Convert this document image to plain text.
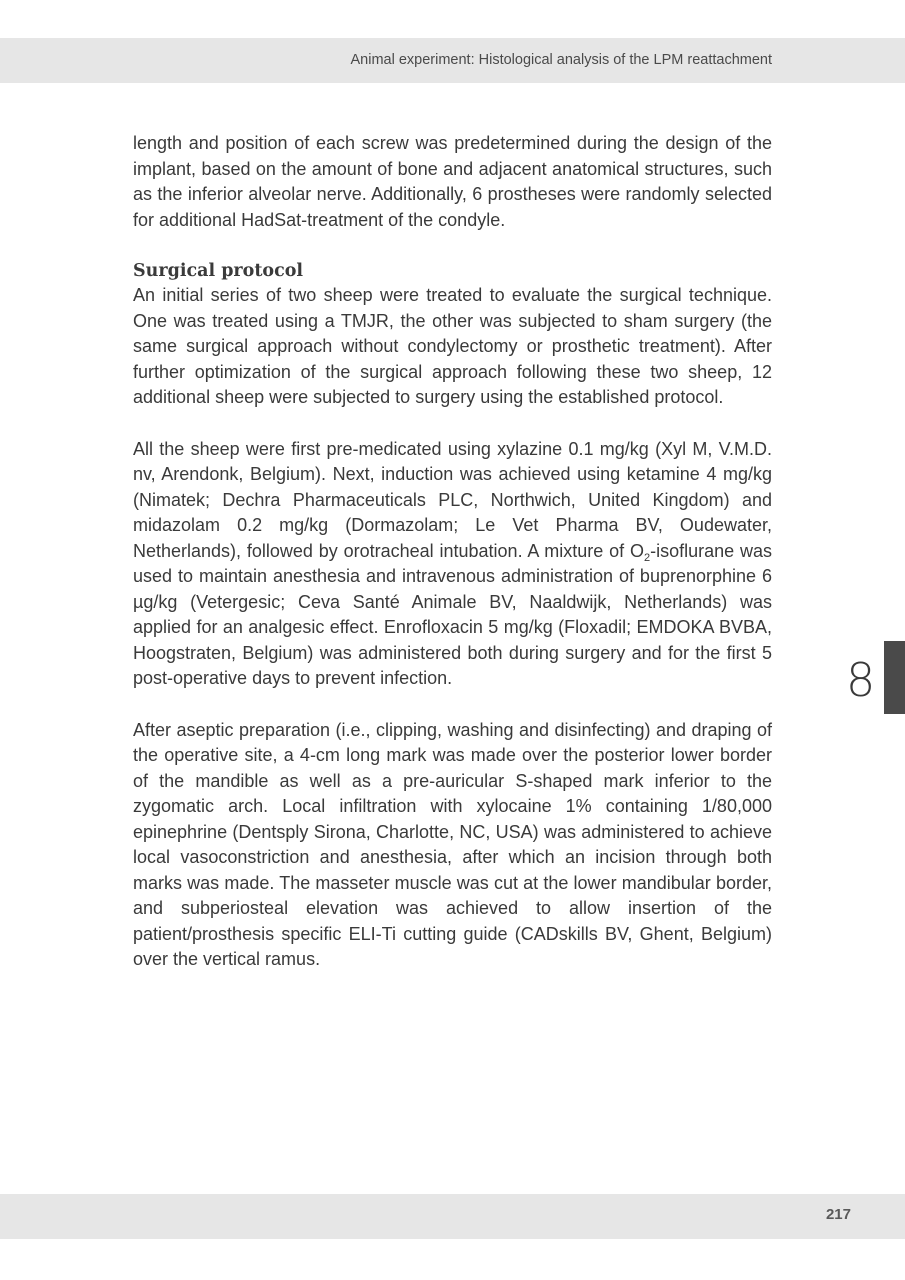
Animal experiment: Histological analysis of the LPM reattachment

length and position of each screw was predetermined during the design of the implant, based on the amount of bone and adjacent anatomical structures, such as the inferior alveolar nerve. Additionally, 6 prostheses were randomly selected for additional HadSat-treatment of the condyle.

Surgical protocol

An initial series of two sheep were treated to evaluate the surgical technique. One was treated using a TMJR, the other was subjected to sham surgery (the same surgical approach without condylectomy or prosthetic treatment). After further optimization of the surgical approach following these two sheep, 12 additional sheep were subjected to surgery using the established protocol.

All the sheep were first pre-medicated using xylazine 0.1 mg/kg (Xyl M, V.M.D. nv, Arendonk, Belgium). Next, induction was achieved using ketamine 4 mg/kg (Nimatek; Dechra Pharmaceuticals PLC, Northwich, United Kingdom) and midazolam 0.2 mg/kg (Dormazolam; Le Vet Pharma BV, Oudewater, Netherlands), followed by orotracheal intubation. A mixture of $O_2$-isoflurane was used to maintain anesthesia and intravenous administration of buprenorphine 6 µg/kg (Vetergesic; Ceva Santé Animale BV, Naaldwijk, Netherlands) was applied for an analgesic effect. Enrofloxacin 5 mg/kg (Floxadil; EMDOKA BVBA, Hoogstraten, Belgium) was administered both during surgery and for the first 5 post-operative days to prevent infection.

After aseptic preparation (i.e., clipping, washing and disinfecting) and draping of the operative site, a 4-cm long mark was made over the posterior lower border of the mandible as well as a pre-auricular S-shaped mark inferior to the zygomatic arch. Local infiltration with xylocaine 1% containing 1/80,000 epinephrine (Dentsply Sirona, Charlotte, NC, USA) was administered to achieve local vasoconstriction and anesthesia, after which an incision through both marks was made. The masseter muscle was cut at the lower mandibular border, and subperiosteal elevation was achieved to allow insertion of the patient/prosthesis specific ELI-Ti cutting guide (CADskills BV, Ghent, Belgium) over the vertical ramus.

8
217
